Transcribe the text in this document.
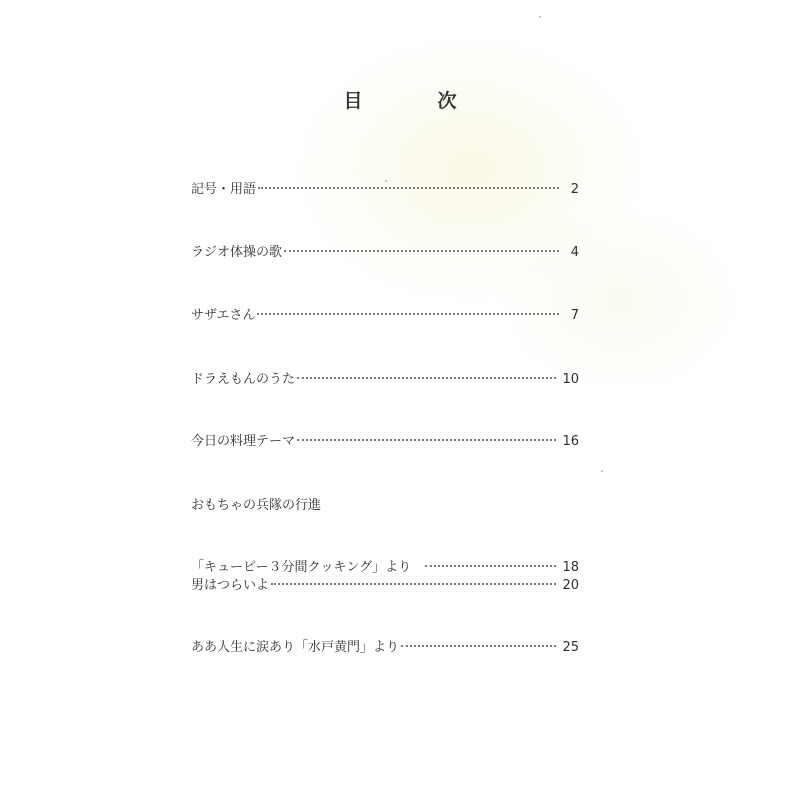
目　次
記号・用語	2
ラジオ体操の歌	4
サザエさん	7
ドラえもんのうた	10
今日の料理テーマ	16
おもちゃの兵隊の行進
「キューピー３分間クッキング」より	18
男はつらいよ	20
ああ人生に涙あり「水戸黄門」より	25
